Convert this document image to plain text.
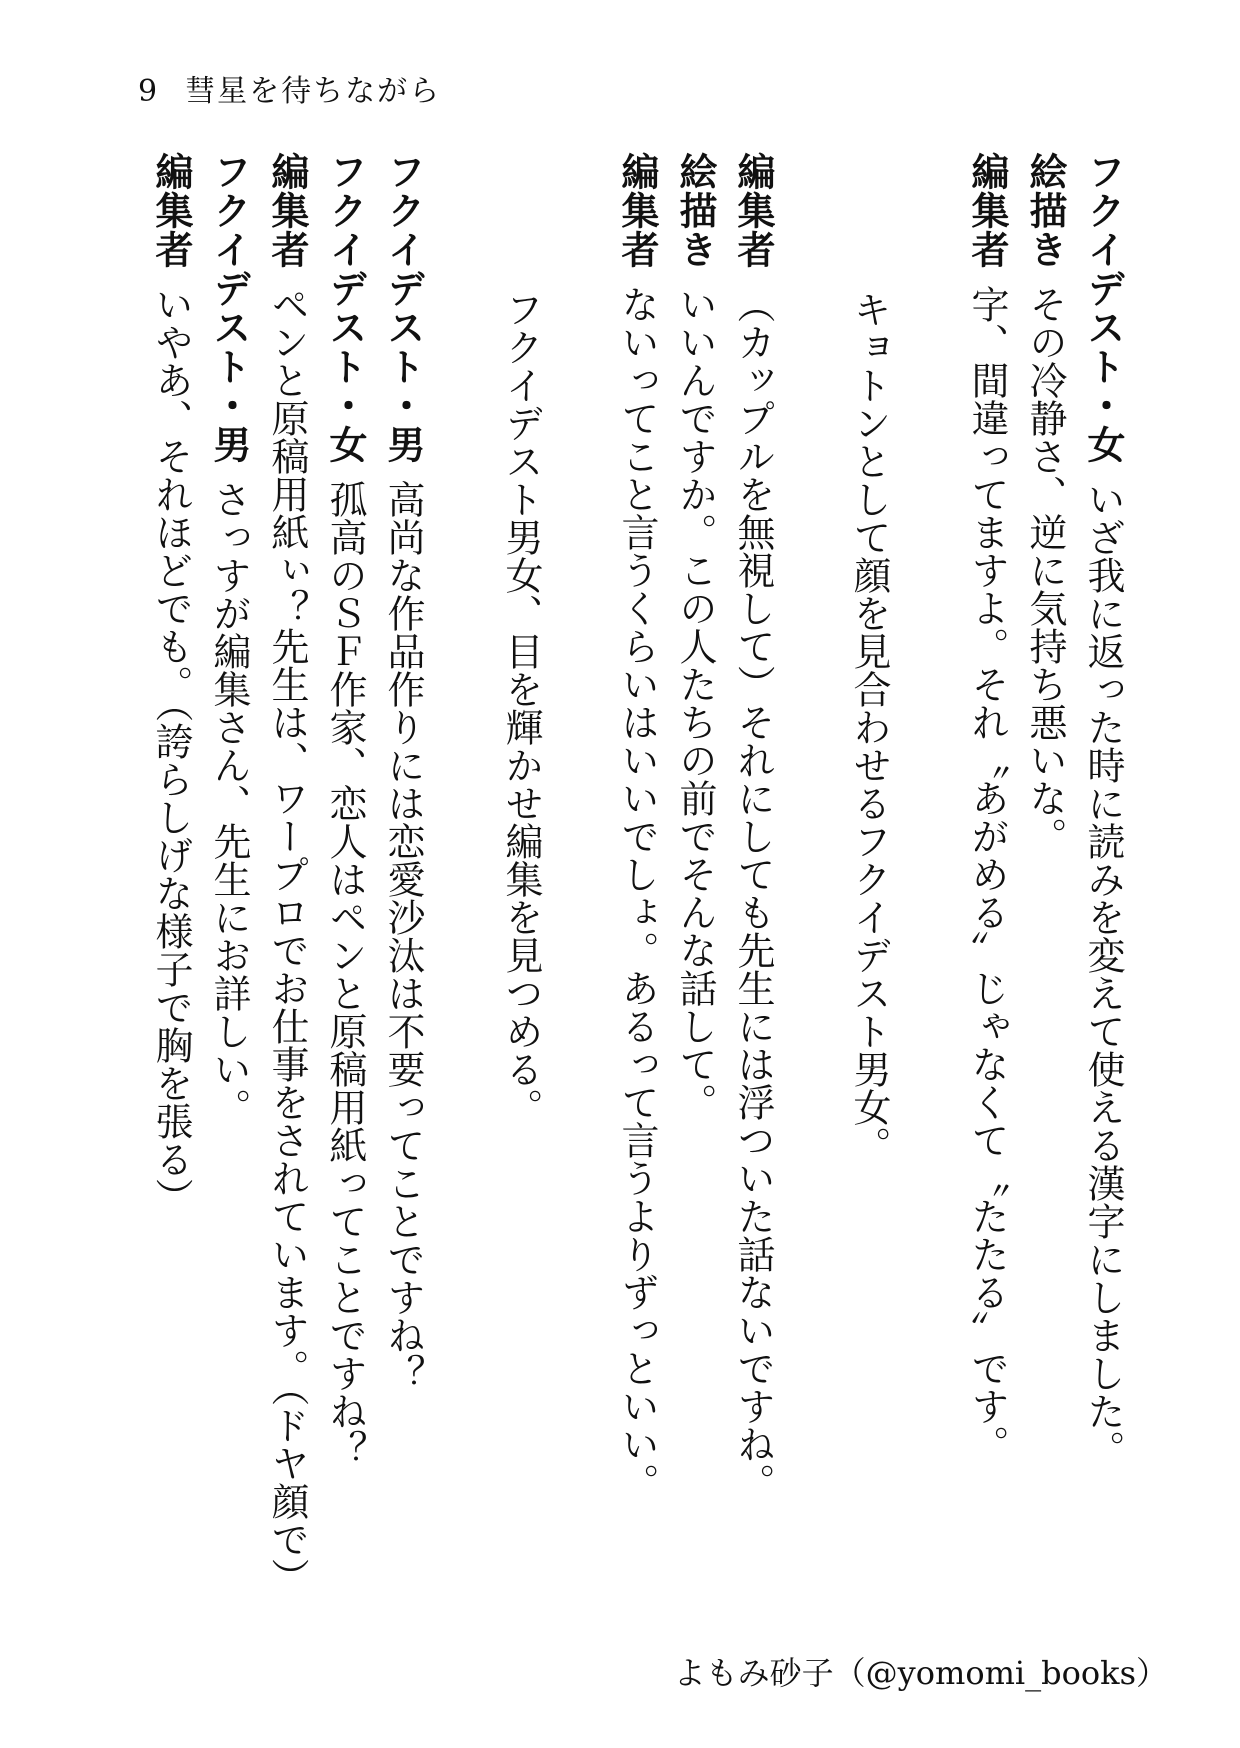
9 彗星を待ちながら
フクイデスト・女いざ我に返った時に読みを変えて使える漢字にしました。
絵描きその冷静さ、逆に気持ち悪いな。
編集者字、間違ってますよ。それ〝あがめる〟じゃなくて〝たたる〟です。
キョトンとして顔を見合わせるフクイデスト男女。
編集者（カップルを無視して）それにしても先生には浮ついた話ないですね。
絵描きいいんですか。この人たちの前でそんな話して。
編集者ないってこと言うくらいはいいでしょ。あるって言うよりずっといい。
フクイデスト男女、目を輝かせ編集を見つめる。
フクイデスト・男高尚な作品作りには恋愛沙汰は不要ってことですね？
フクイデスト・女孤高のＳＦ作家、恋人はペンと原稿用紙ってことですね？
編集者ペンと原稿用紙ぃ？先生は、ワープロでお仕事をされています。（ドヤ顔で）
フクイデスト・男さっすが編集さん、先生にお詳しい。
編集者いやあ、それほどでも。（誇らしげな様子で胸を張る）
よもみ砂子（@yomomi_books）
